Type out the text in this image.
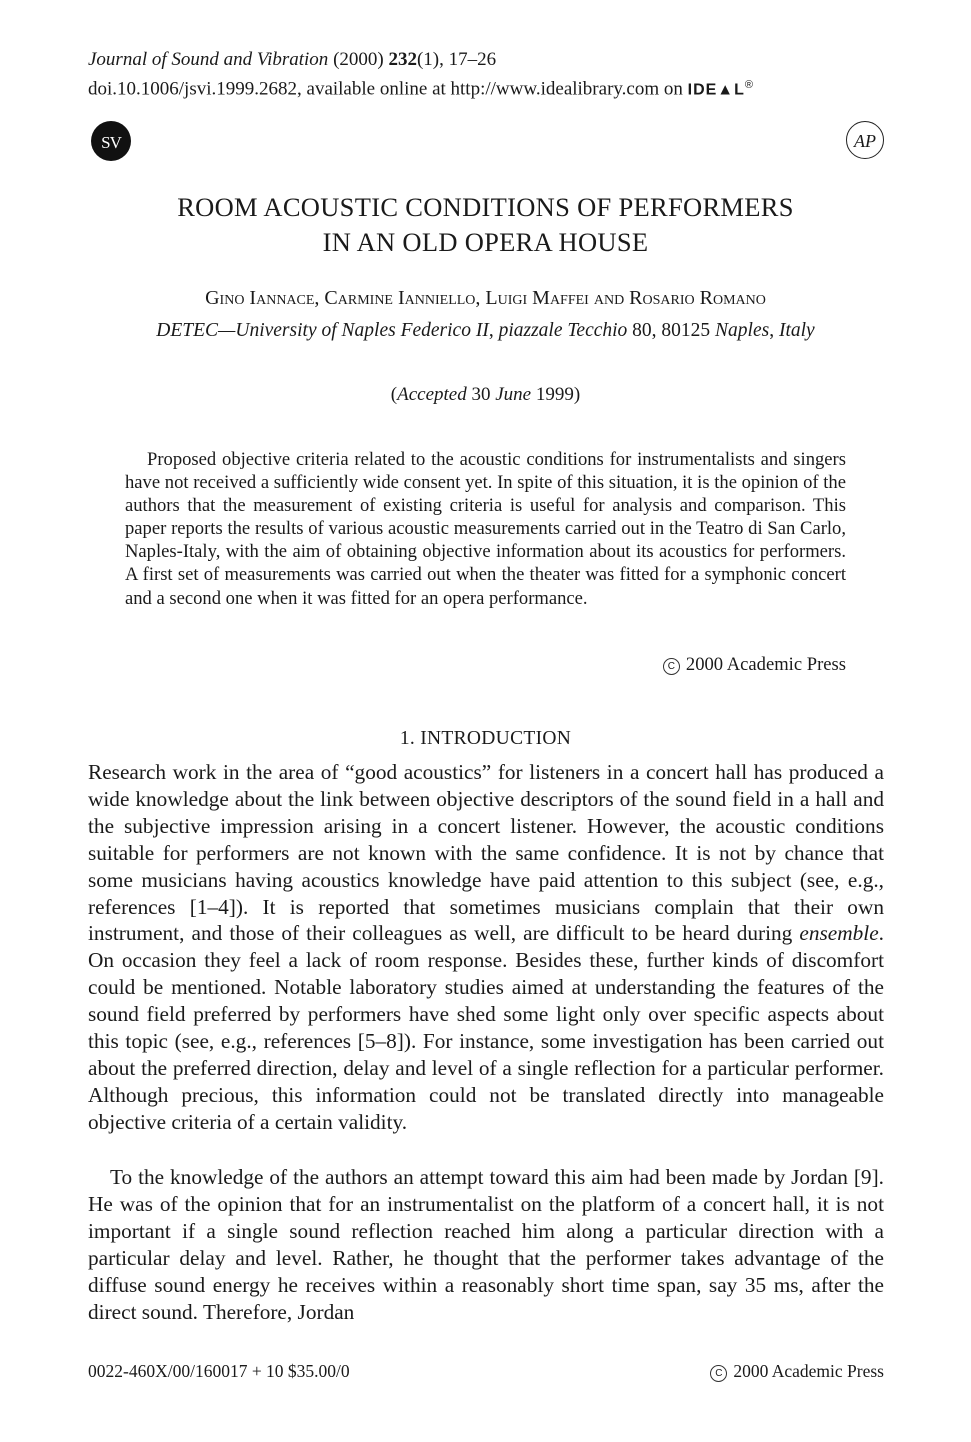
Journal of Sound and Vibration (2000) 232(1), 17–26
doi.10.1006/jsvi.1999.2682, available online at http://www.idealibrary.com on IDE▲L®
SV	AP
ROOM ACOUSTIC CONDITIONS OF PERFORMERS
IN AN OLD OPERA HOUSE
Gino Iannace, Carmine Ianniello, Luigi Maffei and Rosario Romano
DETEC—University of Naples Federico II, piazzale Tecchio 80, 80125 Naples, Italy
(Accepted 30 June 1999)

Proposed objective criteria related to the acoustic conditions for instrumentalists and singers have not received a sufficiently wide consent yet. In spite of this situation, it is the opinion of the authors that the measurement of existing criteria is useful for analysis and comparison. This paper reports the results of various acoustic measurements carried out in the Teatro di San Carlo, Naples-Italy, with the aim of obtaining objective information about its acoustics for performers. A first set of measurements was carried out when the theater was fitted for a symphonic concert and a second one when it was fitted for an opera performance.

C 2000 Academic Press
1. INTRODUCTION

Research work in the area of “good acoustics” for listeners in a concert hall has produced a wide knowledge about the link between objective descriptors of the sound field in a hall and the subjective impression arising in a concert listener. However, the acoustic conditions suitable for performers are not known with the same confidence. It is not by chance that some musicians having acoustics knowledge have paid attention to this subject (see, e.g., references [1–4]). It is reported that sometimes musicians complain that their own instrument, and those of their colleagues as well, are difficult to be heard during ensemble. On occasion they feel a lack of room response. Besides these, further kinds of discomfort could be mentioned. Notable laboratory studies aimed at understanding the features of the sound field preferred by performers have shed some light only over specific aspects about this topic (see, e.g., references [5–8]). For instance, some investigation has been carried out about the preferred direction, delay and level of a single reflection for a particular performer. Although precious, this information could not be translated directly into manageable objective criteria of a certain validity.

To the knowledge of the authors an attempt toward this aim had been made by Jordan [9]. He was of the opinion that for an instrumentalist on the platform of a concert hall, it is not important if a single sound reflection reached him along a particular direction with a particular delay and level. Rather, he thought that the performer takes advantage of the diffuse sound energy he receives within a reasonably short time span, say 35 ms, after the direct sound. Therefore, Jordan

0022-460X/00/160017 + 10 $35.00/0	C 2000 Academic Press
